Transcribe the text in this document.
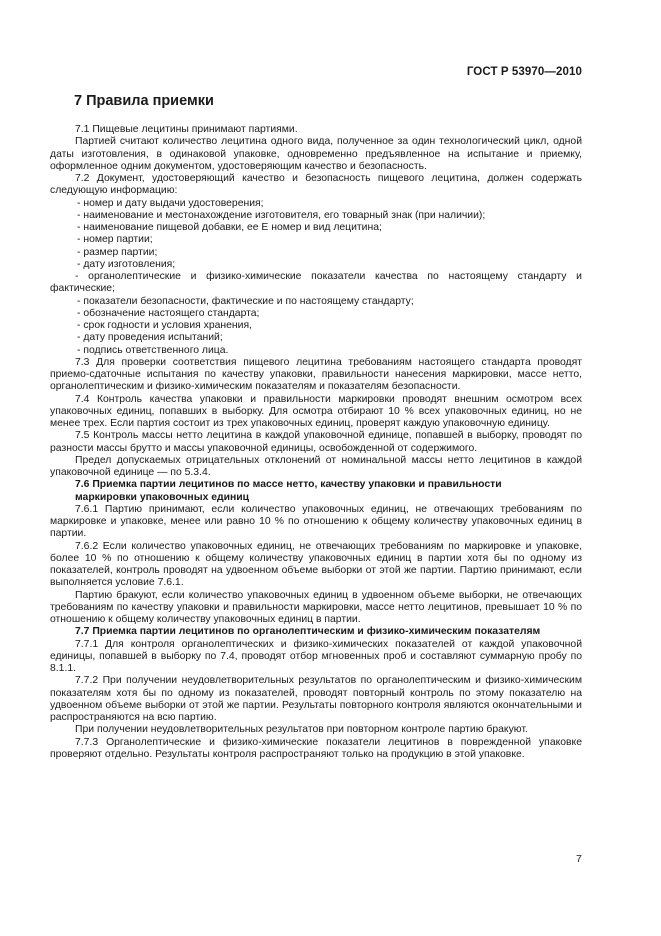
ГОСТ Р 53970—2010
7 Правила приемки

7.1 Пищевые лецитины принимают партиями.

Партией считают количество лецитина одного вида, полученное за один технологический цикл, одной даты изготовления, в одинаковой упаковке, одновременно предъявленное на испытание и приемку, оформленное одним документом, удостоверяющим качество и безопасность.

7.2 Документ, удостоверяющий качество и безопасность пищевого лецитина, должен содержать следующую информацию:

- номер и дату выдачи удостоверения;

- наименование и местонахождение изготовителя, его товарный знак (при наличии);

- наименование пищевой добавки, ее Е номер и вид лецитина;

- номер партии;

- размер партии;

- дату изготовления;

- органолептические и физико-химические показатели качества по настоящему стандарту и фактические;

- показатели безопасности, фактические и по настоящему стандарту;

- обозначение настоящего стандарта;

- срок годности и условия хранения,

- дату проведения испытаний;

- подпись ответственного лица.

7.3 Для проверки соответствия пищевого лецитина требованиям настоящего стандарта проводят приемо-сдаточные испытания по качеству упаковки, правильности нанесения маркировки, массе нетто, органолептическим и физико-химическим показателям и показателям безопасности.

7.4 Контроль качества упаковки и правильности маркировки проводят внешним осмотром всех упаковочных единиц, попавших в выборку. Для осмотра отбирают 10 % всех упаковочных единиц, но не менее трех. Если партия состоит из трех упаковочных единиц, проверят каждую упаковочную единицу.

7.5 Контроль массы нетто лецитина в каждой упаковочной единице, попавшей в выборку, проводят по разности массы брутто и массы упаковочной единицы, освобожденной от содержимого.

Предел допускаемых отрицательных отклонений от номинальной массы нетто лецитинов в каждой упаковочной единице — по 5.3.4.

7.6 Приемка партии лецитинов по массе нетто, качеству упаковки и правильности
маркировки упаковочных единиц

7.6.1 Партию принимают, если количество упаковочных единиц, не отвечающих требованиям по маркировке и упаковке, менее или равно 10 % по отношению к общему количеству упаковочных единиц в партии.

7.6.2 Если количество упаковочных единиц, не отвечающих требованиям по маркировке и упаковке, более 10 % по отношению к общему количеству упаковочных единиц в партии хотя бы по одному из показателей, контроль проводят на удвоенном объеме выборки от этой же партии. Партию принимают, если выполняется условие 7.6.1.

Партию бракуют, если количество упаковочных единиц в удвоенном объеме выборки, не отвечающих требованиям по качеству упаковки и правильности маркировки, массе нетто лецитинов, превышает 10 % по отношению к общему количеству упаковочных единиц в партии.

7.7 Приемка партии лецитинов по органолептическим и физико-химическим показателям

7.7.1 Для контроля органолептических и физико-химических показателей от каждой упаковочной единицы, попавшей в выборку по 7.4, проводят отбор мгновенных проб и составляют суммарную пробу по 8.1.1.

7.7.2 При получении неудовлетворительных результатов по органолептическим и физико-химическим показателям хотя бы по одному из показателей, проводят повторный контроль по этому показателю на удвоенном объеме выборки от этой же партии. Результаты повторного контроля являются окончательными и распространяются на всю партию.

При получении неудовлетворительных результатов при повторном контроле партию бракуют.

7.7.3 Органолептические и физико-химические показатели лецитинов в поврежденной упаковке проверяют отдельно. Результаты контроля распространяют только на продукцию в этой упаковке.

7
